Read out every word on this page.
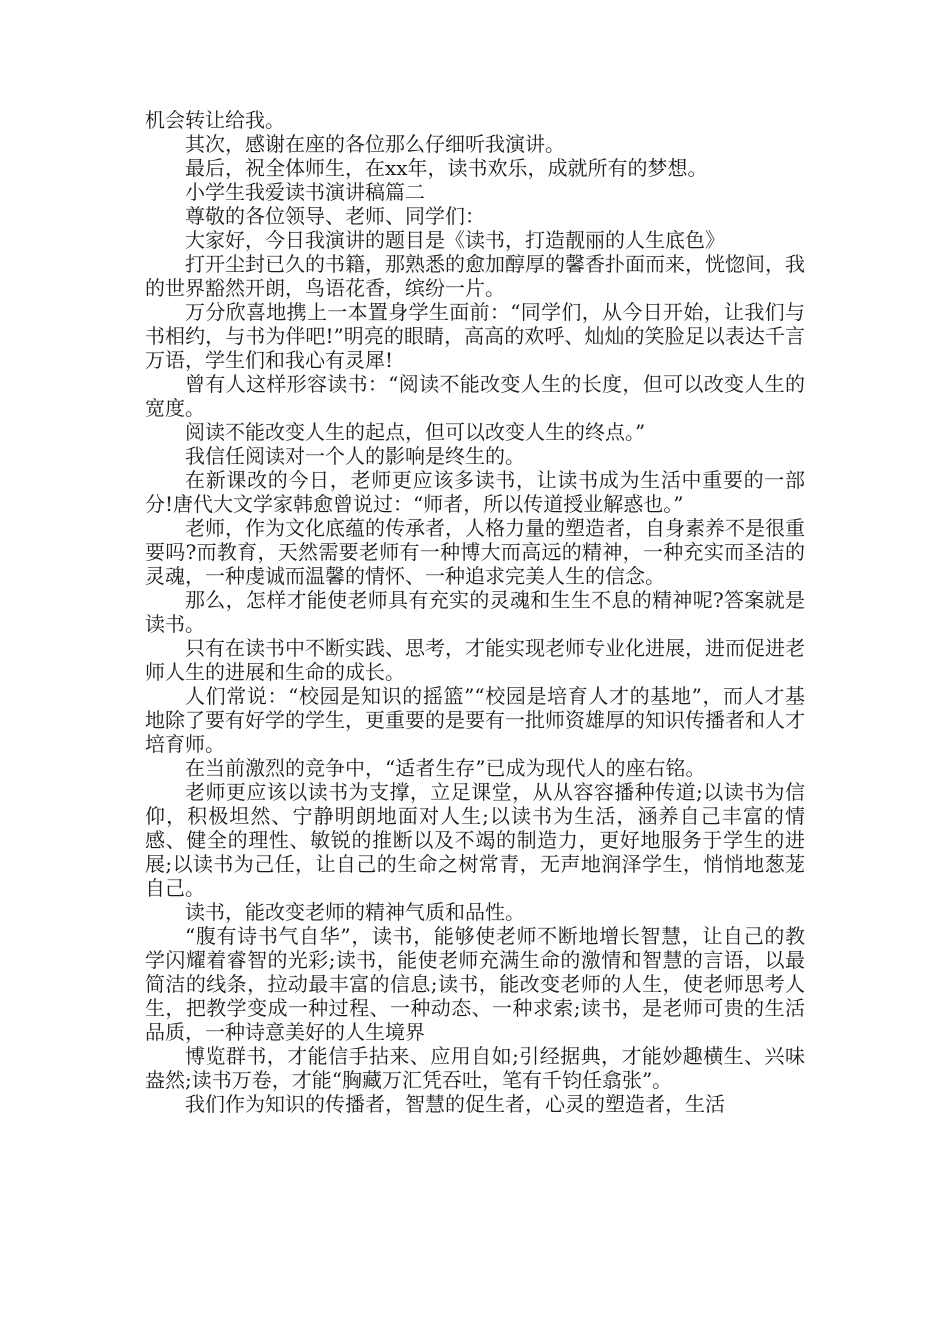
机会转让给我。

其次，感谢在座的各位那么仔细听我演讲。

最后，祝全体师生，在xx年，读书欢乐，成就所有的梦想。

小学生我爱读书演讲稿篇二

尊敬的各位领导、老师、同学们：

大家好，今日我演讲的题目是《读书，打造靓丽的人生底色》

打开尘封已久的书籍，那熟悉的愈加醇厚的馨香扑面而来，恍惚间，我的世界豁然开朗，鸟语花香，缤纷一片。

万分欣喜地携上一本置身学生面前：“同学们，从今日开始，让我们与书相约，与书为伴吧!”明亮的眼睛，高高的欢呼、灿灿的笑脸足以表达千言万语，学生们和我心有灵犀!

曾有人这样形容读书：“阅读不能改变人生的长度，但可以改变人生的宽度。

阅读不能改变人生的起点，但可以改变人生的终点。”

我信任阅读对一个人的影响是终生的。

在新课改的今日，老师更应该多读书，让读书成为生活中重要的一部分!唐代大文学家韩愈曾说过：“师者，所以传道授业解惑也。”

老师，作为文化底蕴的传承者，人格力量的塑造者，自身素养不是很重要吗?而教育，天然需要老师有一种博大而高远的精神，一种充实而圣洁的灵魂，一种虔诚而温馨的情怀、一种追求完美人生的信念。

那么，怎样才能使老师具有充实的灵魂和生生不息的精神呢?答案就是读书。

只有在读书中不断实践、思考，才能实现老师专业化进展，进而促进老师人生的进展和生命的成长。

人们常说：“校园是知识的摇篮”“校园是培育人才的基地”，而人才基地除了要有好学的学生，更重要的是要有一批师资雄厚的知识传播者和人才培育师。

在当前激烈的竞争中，“适者生存”已成为现代人的座右铭。

老师更应该以读书为支撑，立足课堂，从从容容播种传道;以读书为信仰，积极坦然、宁静明朗地面对人生;以读书为生活，涵养自己丰富的情感、健全的理性、敏锐的推断以及不竭的制造力，更好地服务于学生的进展;以读书为己任，让自己的生命之树常青，无声地润泽学生，悄悄地葱茏自己。

读书，能改变老师的精神气质和品性。

“腹有诗书气自华”，读书，能够使老师不断地增长智慧，让自己的教学闪耀着睿智的光彩;读书，能使老师充满生命的激情和智慧的言语，以最简洁的线条，拉动最丰富的信息;读书，能改变老师的人生，使老师思考人生，把教学变成一种过程、一种动态、一种求索;读书，是老师可贵的生活品质，一种诗意美好的人生境界

博览群书，才能信手拈来、应用自如;引经据典，才能妙趣横生、兴味盎然;读书万卷，才能“胸藏万汇凭吞吐，笔有千钧任翕张”。

我们作为知识的传播者，智慧的促生者，心灵的塑造者，生活
